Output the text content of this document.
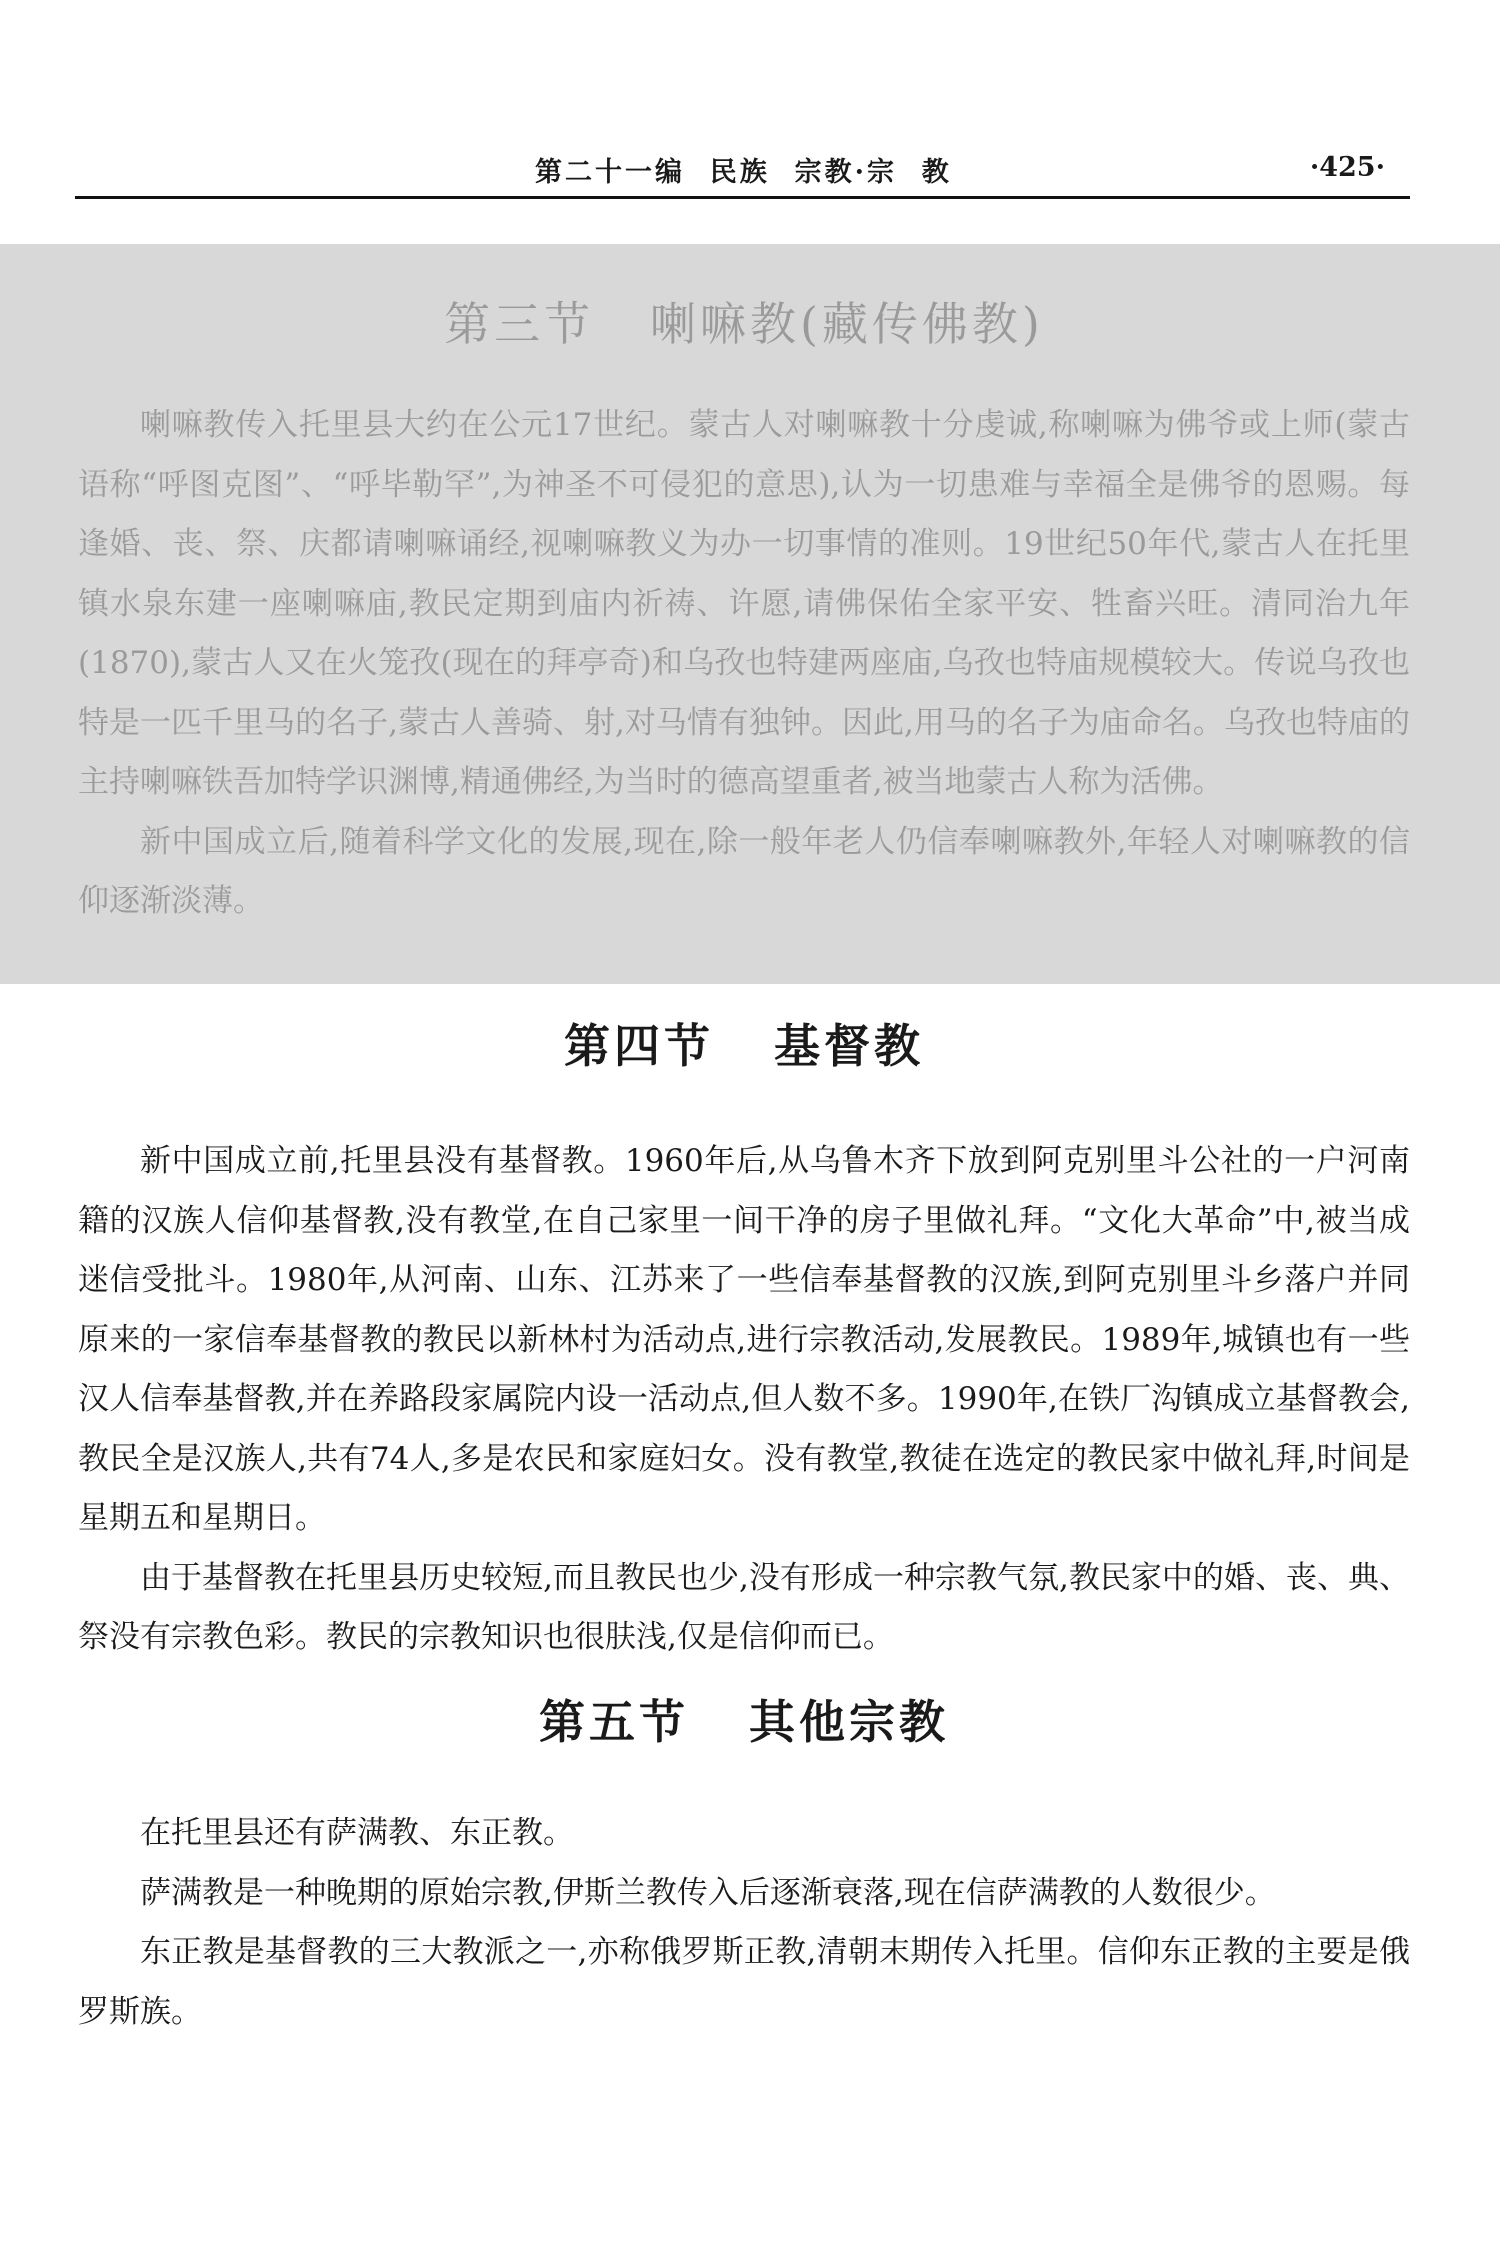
第二十一编  民族  宗教·宗  教	·425·
第三节   喇嘛教(藏传佛教)

喇嘛教传入托里县大约在公元17世纪。蒙古人对喇嘛教十分虔诚,称喇嘛为佛爷或上师(蒙古语称“呼图克图”、“呼毕勒罕”,为神圣不可侵犯的意思),认为一切患难与幸福全是佛爷的恩赐。每逢婚、丧、祭、庆都请喇嘛诵经,视喇嘛教义为办一切事情的准则。19世纪50年代,蒙古人在托里镇水泉东建一座喇嘛庙,教民定期到庙内祈祷、许愿,请佛保佑全家平安、牲畜兴旺。清同治九年(1870),蒙古人又在火笼孜(现在的拜亭奇)和乌孜也特建两座庙,乌孜也特庙规模较大。传说乌孜也特是一匹千里马的名子,蒙古人善骑、射,对马情有独钟。因此,用马的名子为庙命名。乌孜也特庙的主持喇嘛铁吾加特学识渊博,精通佛经,为当时的德高望重者,被当地蒙古人称为活佛。

新中国成立后,随着科学文化的发展,现在,除一般年老人仍信奉喇嘛教外,年轻人对喇嘛教的信仰逐渐淡薄。

第四节   基督教

新中国成立前,托里县没有基督教。1960年后,从乌鲁木齐下放到阿克别里斗公社的一户河南籍的汉族人信仰基督教,没有教堂,在自己家里一间干净的房子里做礼拜。“文化大革命”中,被当成迷信受批斗。1980年,从河南、山东、江苏来了一些信奉基督教的汉族,到阿克别里斗乡落户并同原来的一家信奉基督教的教民以新林村为活动点,进行宗教活动,发展教民。1989年,城镇也有一些汉人信奉基督教,并在养路段家属院内设一活动点,但人数不多。1990年,在铁厂沟镇成立基督教会,教民全是汉族人,共有74人,多是农民和家庭妇女。没有教堂,教徒在选定的教民家中做礼拜,时间是星期五和星期日。

由于基督教在托里县历史较短,而且教民也少,没有形成一种宗教气氛,教民家中的婚、丧、典、祭没有宗教色彩。教民的宗教知识也很肤浅,仅是信仰而已。

第五节   其他宗教

在托里县还有萨满教、东正教。

萨满教是一种晚期的原始宗教,伊斯兰教传入后逐渐衰落,现在信萨满教的人数很少。

东正教是基督教的三大教派之一,亦称俄罗斯正教,清朝末期传入托里。信仰东正教的主要是俄罗斯族。
